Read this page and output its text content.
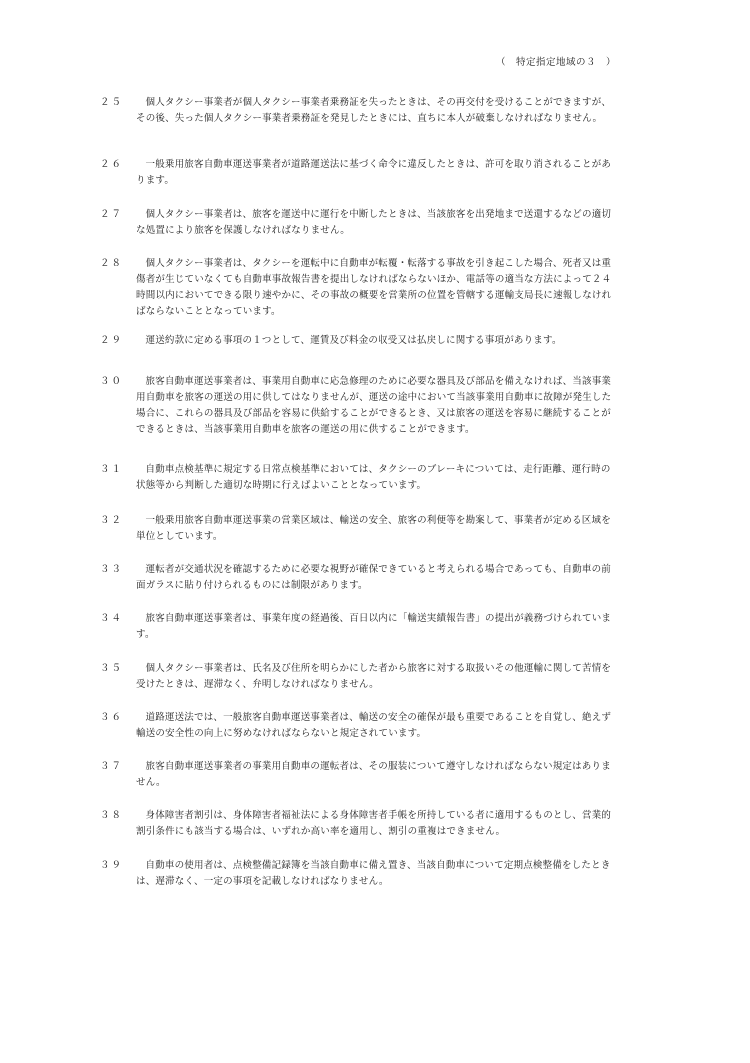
（　特定指定地域の３　）
２５	個人タクシー事業者が個人タクシー事業者乗務証を失ったときは、その再交付を受けることができますが、その後、失った個人タクシー事業者乗務証を発見したときには、直ちに本人が破棄しなければなりません。
２６	一般乗用旅客自動車運送事業者が道路運送法に基づく命令に違反したときは、許可を取り消されることがあります。
２７	個人タクシー事業者は、旅客を運送中に運行を中断したときは、当該旅客を出発地まで送還するなどの適切な処置により旅客を保護しなければなりません。
２８	個人タクシー事業者は、タクシーを運転中に自動車が転覆・転落する事故を引き起こした場合、死者又は重傷者が生じていなくても自動車事故報告書を提出しなければならないほか、電話等の適当な方法によって２４時間以内においてできる限り速やかに、その事故の概要を営業所の位置を管轄する運輸支局長に速報しなければならないこととなっています。
２９	運送約款に定める事項の１つとして、運賃及び料金の収受又は払戻しに関する事項があります。
３０	旅客自動車運送事業者は、事業用自動車に応急修理のために必要な器具及び部品を備えなければ、当該事業用自動車を旅客の運送の用に供してはなりませんが、運送の途中において当該事業用自動車に故障が発生した場合に、これらの器具及び部品を容易に供給することができるとき、又は旅客の運送を容易に継続することができるときは、当該事業用自動車を旅客の運送の用に供することができます。
３１	自動車点検基準に規定する日常点検基準においては、タクシーのブレーキについては、走行距離、運行時の状態等から判断した適切な時期に行えばよいこととなっています。
３２	一般乗用旅客自動車運送事業の営業区域は、輸送の安全、旅客の利便等を勘案して、事業者が定める区域を単位としています。
３３	運転者が交通状況を確認するために必要な視野が確保できていると考えられる場合であっても、自動車の前面ガラスに貼り付けられるものには制限があります。
３４	旅客自動車運送事業者は、事業年度の経過後、百日以内に「輸送実績報告書」の提出が義務づけられています。
３５	個人タクシー事業者は、氏名及び住所を明らかにした者から旅客に対する取扱いその他運輸に関して苦情を受けたときは、遅滞なく、弁明しなければなりません。
３６	道路運送法では、一般旅客自動車運送事業者は、輸送の安全の確保が最も重要であることを自覚し、絶えず輸送の安全性の向上に努めなければならないと規定されています。
３７	旅客自動車運送事業者の事業用自動車の運転者は、その服装について遵守しなければならない規定はありません。
３８	身体障害者割引は、身体障害者福祉法による身体障害者手帳を所持している者に適用するものとし、営業的割引条件にも該当する場合は、いずれか高い率を適用し、割引の重複はできません。
３９	自動車の使用者は、点検整備記録簿を当該自動車に備え置き、当該自動車について定期点検整備をしたときは、遅滞なく、一定の事項を記載しなければなりません。
